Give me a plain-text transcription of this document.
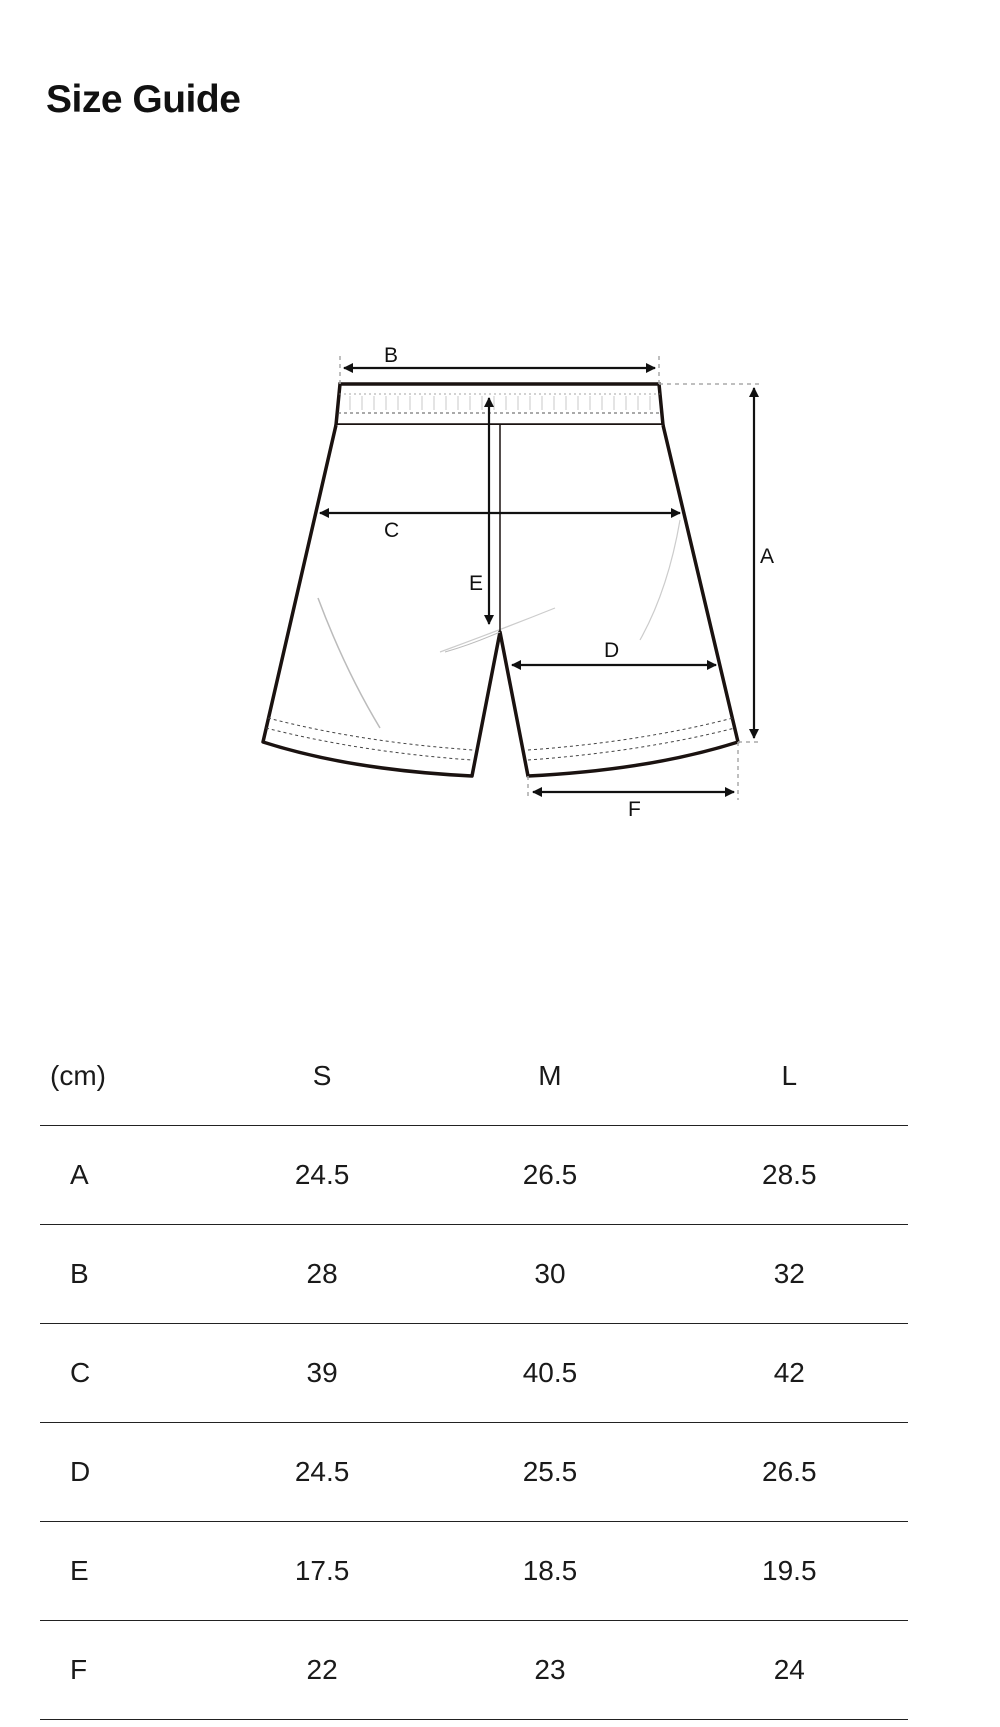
Size Guide
B
C
E
D
A
F
(cm)	S	M	L
A	24.5	26.5	28.5
B	28	30	32
C	39	40.5	42
D	24.5	25.5	26.5
E	17.5	18.5	19.5
F	22	23	24
